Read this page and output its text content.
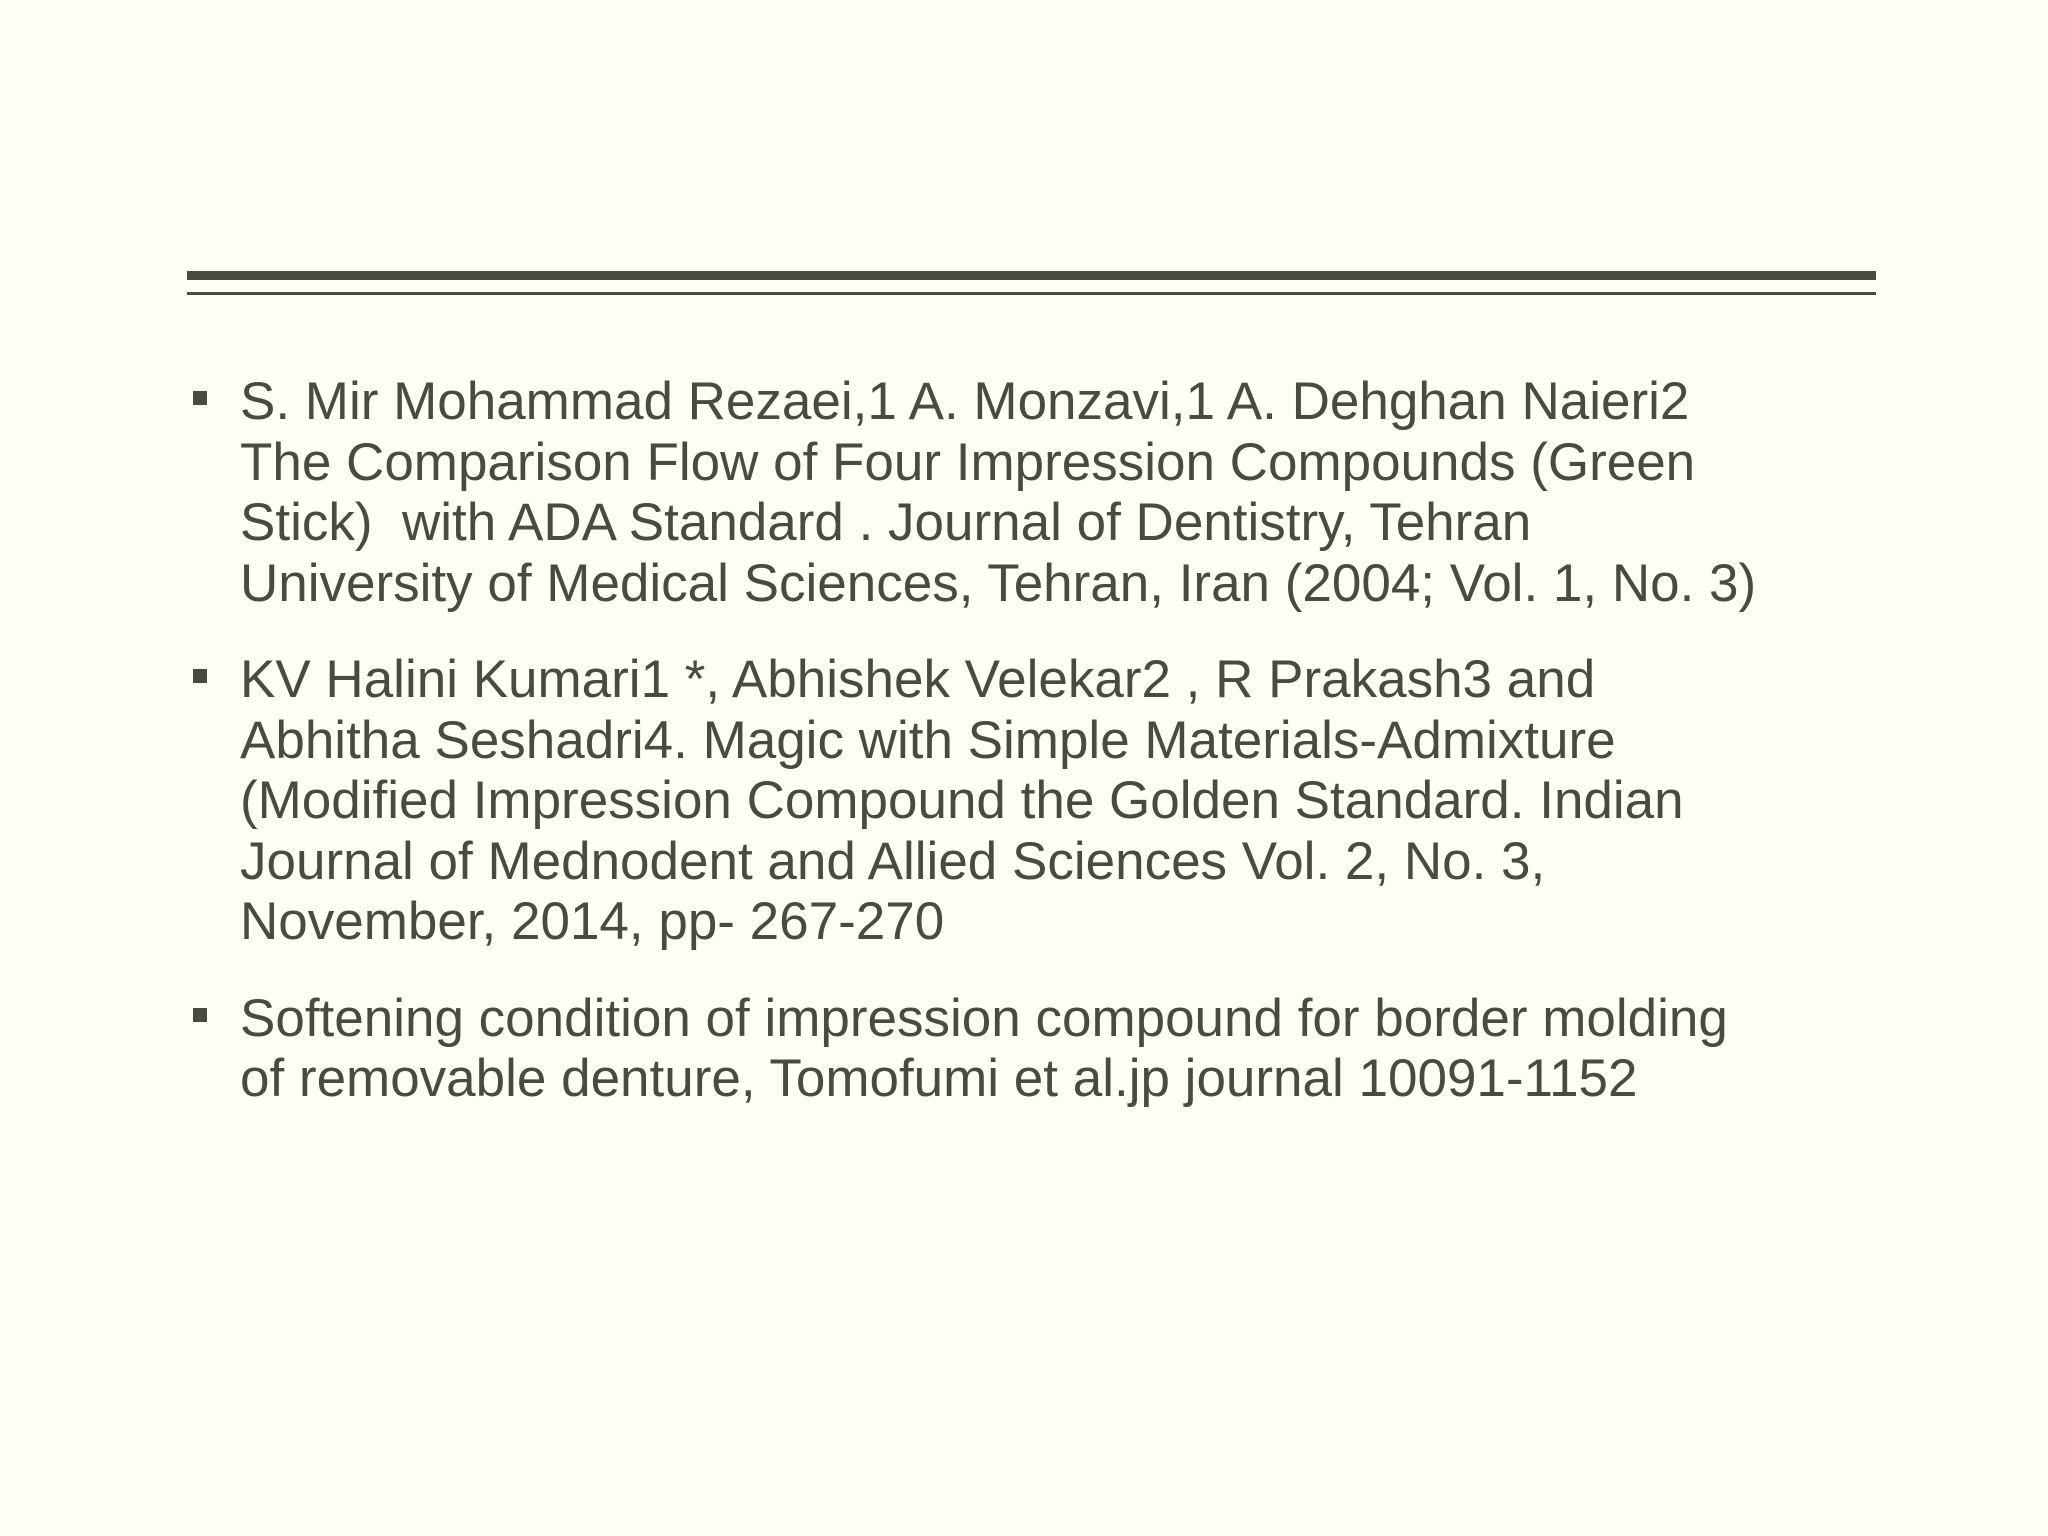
S. Mir Mohammad Rezaei,1 A. Monzavi,1 A. Dehghan Naieri2
The Comparison Flow of Four Impression Compounds (Green
Stick)  with ADA Standard . Journal of Dentistry, Tehran
University of Medical Sciences, Tehran, Iran (2004; Vol. 1, No. 3)
KV Halini Kumari1 *, Abhishek Velekar2 , R Prakash3 and
Abhitha Seshadri4. Magic with Simple Materials-Admixture
(Modified Impression Compound the Golden Standard. Indian
Journal of Mednodent and Allied Sciences Vol. 2, No. 3,
November, 2014, pp- 267-270
Softening condition of impression compound for border molding
of removable denture, Tomofumi et al.jp journal 10091-1152
